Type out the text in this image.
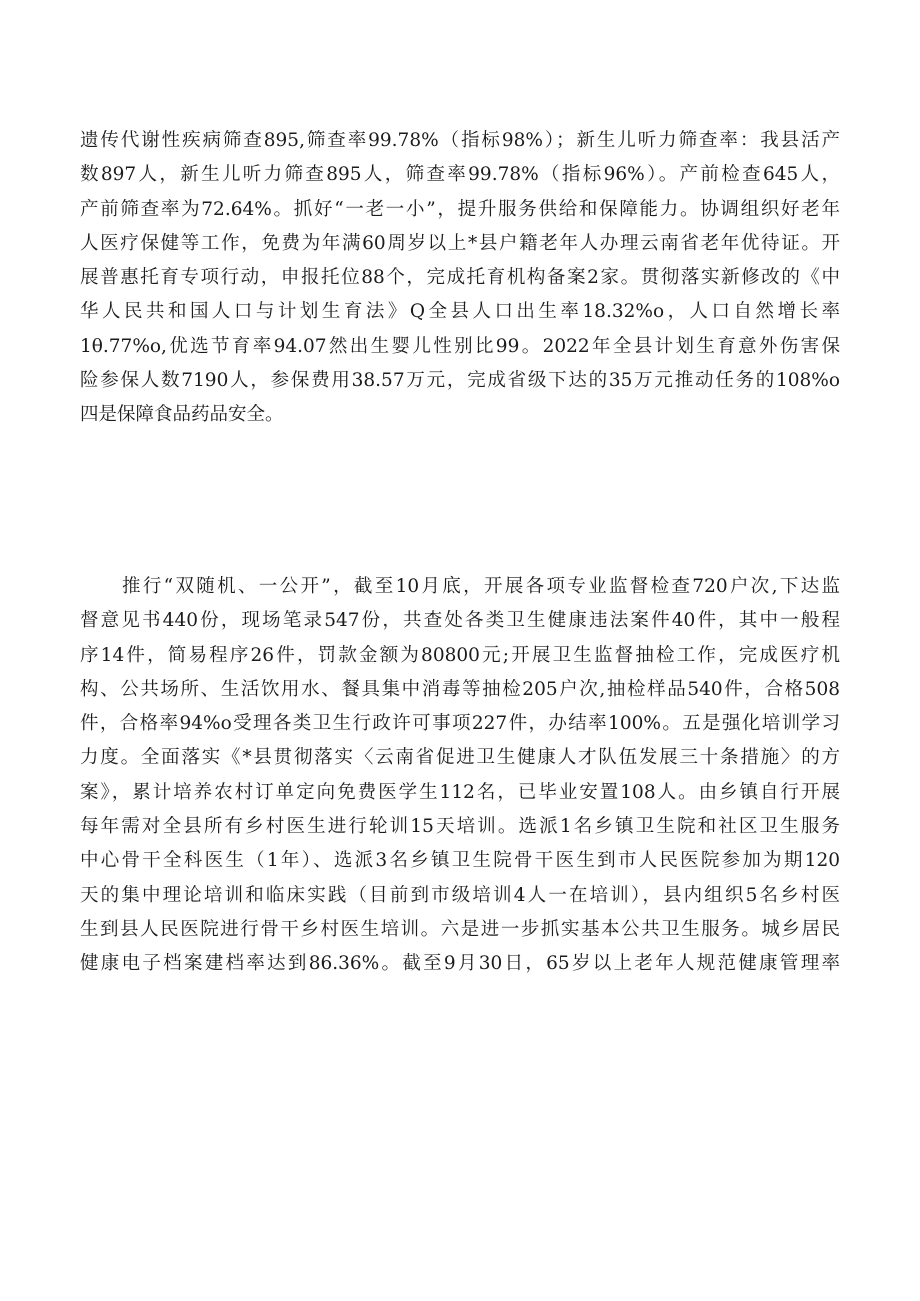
遗传代谢性疾病筛查895,筛查率99.78%（指标98%）；新生儿听力筛查率：我县活产
数897人，新生儿听力筛查895人，筛查率99.78%（指标96%）。产前检查645人，
产前筛查率为72.64%。抓好“一老一小”，提升服务供给和保障能力。协调组织好老年
人医疗保健等工作，免费为年满60周岁以上*县户籍老年人办理云南省老年优待证。开
展普惠托育专项行动，申报托位88个，完成托育机构备案2家。贯彻落实新修改的《中
华人民共和国人口与计划生育法》Q全县人口出生率18.32%o，人口自然增长率
1θ.77%o,优选节育率94.07然出生婴儿性别比99。2022年全县计划生育意外伤害保
险参保人数7190人，参保费用38.57万元，完成省级下达的35万元推动任务的108%o
四是保障食品药品安全。
推行“双随机、一公开”，截至10月底，开展各项专业监督检查720户次,下达监
督意见书440份，现场笔录547份，共查处各类卫生健康违法案件40件，其中一般程
序14件，简易程序26件，罚款金额为80800元;开展卫生监督抽检工作，完成医疗机
构、公共场所、生活饮用水、餐具集中消毒等抽检205户次,抽检样品540件，合格508
件，合格率94%o受理各类卫生行政许可事项227件，办结率100%。五是强化培训学习
力度。全面落实《*县贯彻落实〈云南省促进卫生健康人才队伍发展三十条措施〉的方
案》，累计培养农村订单定向免费医学生112名，已毕业安置108人。由乡镇自行开展
每年需对全县所有乡村医生进行轮训15天培训。选派1名乡镇卫生院和社区卫生服务
中心骨干全科医生（1年）、选派3名乡镇卫生院骨干医生到市人民医院参加为期120
天的集中理论培训和临床实践（目前到市级培训4人一在培训），县内组织5名乡村医
生到县人民医院进行骨干乡村医生培训。六是进一步抓实基本公共卫生服务。城乡居民
健康电子档案建档率达到86.36%。截至9月30日，65岁以上老年人规范健康管理率
